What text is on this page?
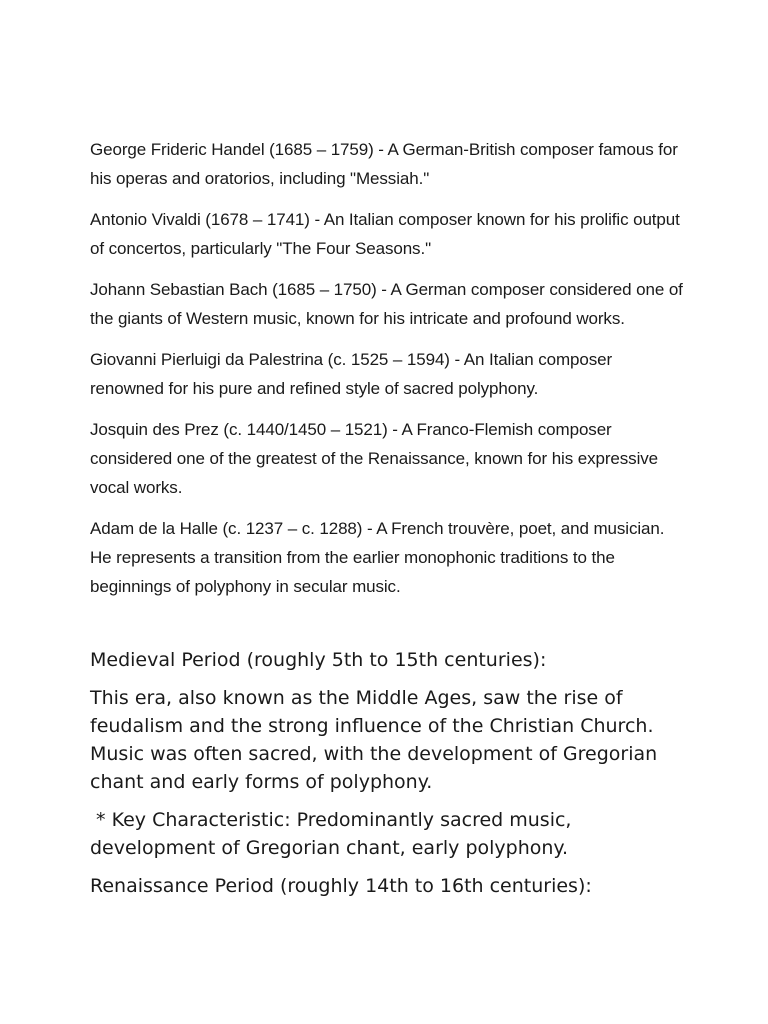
George Frideric Handel (1685 – 1759) - A German-British composer famous for his operas and oratorios, including "Messiah."

Antonio Vivaldi (1678 – 1741) - An Italian composer known for his prolific output of concertos, particularly "The Four Seasons."

Johann Sebastian Bach (1685 – 1750) - A German composer considered one of the giants of Western music, known for his intricate and profound works.

Giovanni Pierluigi da Palestrina (c. 1525 – 1594) - An Italian composer renowned for his pure and refined style of sacred polyphony.

Josquin des Prez (c. 1440/1450 – 1521) - A Franco-Flemish composer considered one of the greatest of the Renaissance, known for his expressive vocal works.

Adam de la Halle (c. 1237 – c. 1288) - A French trouvère, poet, and musician. He represents a transition from the earlier monophonic traditions to the beginnings of polyphony in secular music.

Medieval Period (roughly 5th to 15th centuries):

This era, also known as the Middle Ages, saw the rise of feudalism and the strong influence of the Christian Church. Music was often sacred, with the development of Gregorian chant and early forms of polyphony.

* Key Characteristic: Predominantly sacred music, development of Gregorian chant, early polyphony.

Renaissance Period (roughly 14th to 16th centuries):
